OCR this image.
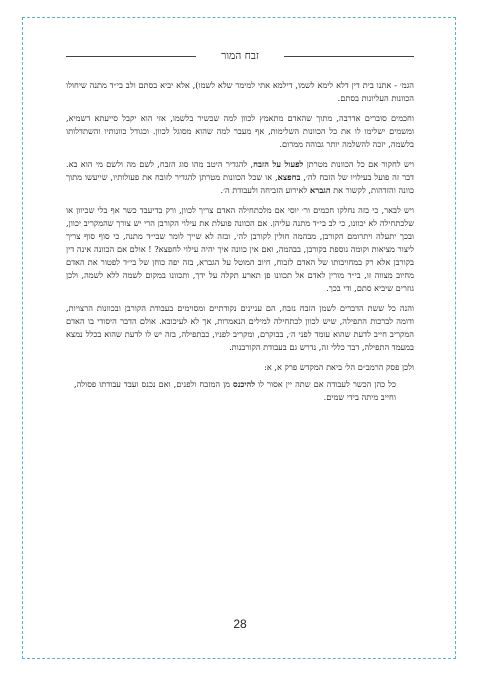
זבח המור

הגמ׳ - אתנו בית דין דלא לימא לשמו, דילמא אתי למימר שלא לשמו), אלא יביא בסתם ולב בי״ד מתנה שיחולו הכוונות העליונות בסתם.

וחכמים סוברים אדרבה, מתוך שהאדם מתאמץ לכוון למה שכשיר בלשמו, אזי הוא יקבל סייעתא דשמיא, ומשמים ישלימו לו את כל הכוונות השלימות, אף מעבר למה שהוא מסוגל לכוון. וכגודל כוונותיו והשתדלותו בלשמה, יזכה להשלמה יותר גבוהה ממרום.

ויש לחקור אם כל הכוונות מטרתן לפעול על הזבח, להגדיר היטב מהו סוג הזבח, לשם מה ולשם מי הוא בא. דבר זה פועל בעילויו של הזבח לה׳, בחפצא, או שכל הכוונות מטרתן להגדיר לזובח את פעולותיו, שייעשו מתוך כוונה והזדהות, לקשור את הגברא לאירוע הזביחה ולעבודת ה׳.

ויש לבאר, כי בזה נחלקו חכמים ור׳ יוסי אם מלכתחילה האדם צריך לכוון, ורק בדיעבד כשר אף בלי שכיוון או שלכתחילה לא יכוונו, כי לב בי״ד מתנה עליהן. אם הכוונה פועלת את עילוי הקורבן הרי יש צורך שהמקריב יכוון, ובכך יתעלה ויתרומם הקורבן, מבהמה חולין לקורבן לה׳, ובזה לא שייך לומר שבי״ד מתנה, כי סוף סוף צריך ליצור מציאות וקומה נוספת בקורבן, בבהמה, ואם אין כוונה איך יהיה עילוי לחפצא? ! אולם אם הכוונה אינה דין בקורבן אלא רק במחויבותו של האדם לזבוח, חיוב המוטל על הגברא, בזה יפה כוחן של בי״ד לפטור את האדם מחיוב מצווה זו, בי״ד מורין לאדם אל תכוונו פן תארע תקלה על ידך, ותכוונו במקום לשמה ללא לשמה, ולכן גוזרים שיביא סתם, ודי בכך.

והנה כל ששת הדברים לשמן הזבח נזבח, הם עניינים נקודתיים ומסוימים בעבודת הקורבן ובכוונות הרצויות, ודומה לברכות התפילה, שיש לכוון לכתחילה למילים הנאמרות, אך לא לעיכובא. אולם הדבר היסודי בו האדם המקריב חייב לדעת שהוא עומד לפני ה׳, בבוקרם, ומקריב לפניו, כבתפילה, בזה יש לו לדעת שהוא בכלל נמצא במעמד התפילה, דבר כללי זה, נדרש גם בעבודת הקורבנות.

ולכן פסק הרמב״ם הל׳ ביאת המקדש פרק א, א:

כל כהן הכשר לעבודה אם שתה יין אסור לו להיכנס מן המזבח ולפנים, ואם נכנס ועבד עבודתו פסולה, וחייב מיתה בידי שמים.

28
